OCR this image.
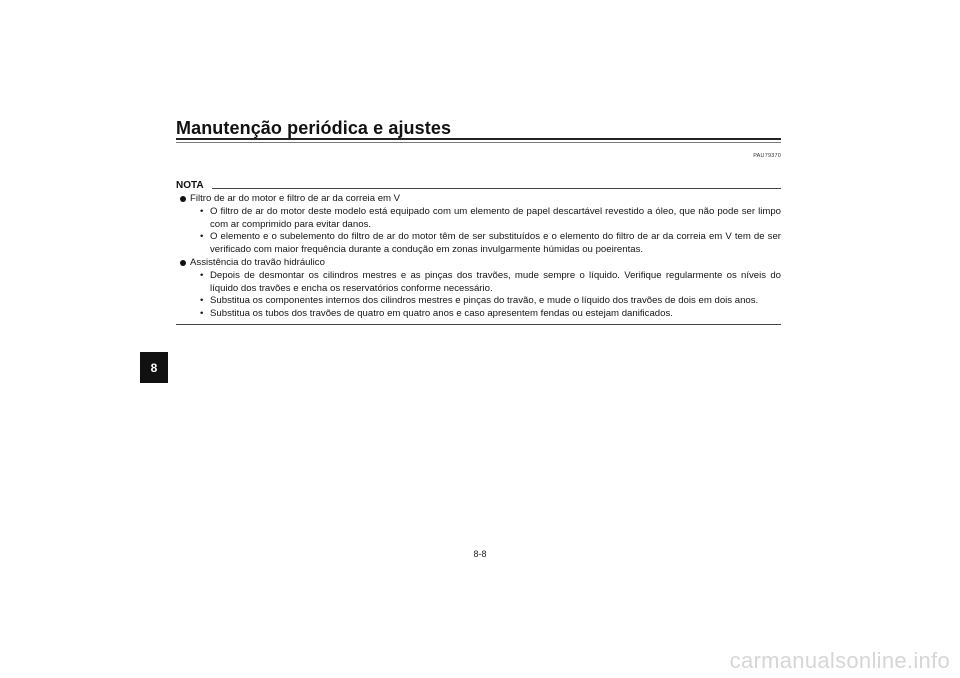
Manutenção periódica e ajustes
8
PAU79370
NOTA
Filtro de ar do motor e filtro de ar da correia em V
• O filtro de ar do motor deste modelo está equipado com um elemento de papel descartável revestido a óleo, que não pode ser limpo com ar comprimido para evitar danos.
• O elemento e o subelemento do filtro de ar do motor têm de ser substituídos e o elemento do filtro de ar da correia em V tem de ser verificado com maior frequência durante a condução em zonas invulgarmente húmidas ou poeirentas.
Assistência do travão hidráulico
• Depois de desmontar os cilindros mestres e as pinças dos travões, mude sempre o líquido. Verifique regularmente os níveis do líquido dos travões e encha os reservatórios conforme necessário.
• Substitua os componentes internos dos cilindros mestres e pinças do travão, e mude o líquido dos travões de dois em dois anos.
• Substitua os tubos dos travões de quatro em quatro anos e caso apresentem fendas ou estejam danificados.
8-8
carmanualsonline.info
